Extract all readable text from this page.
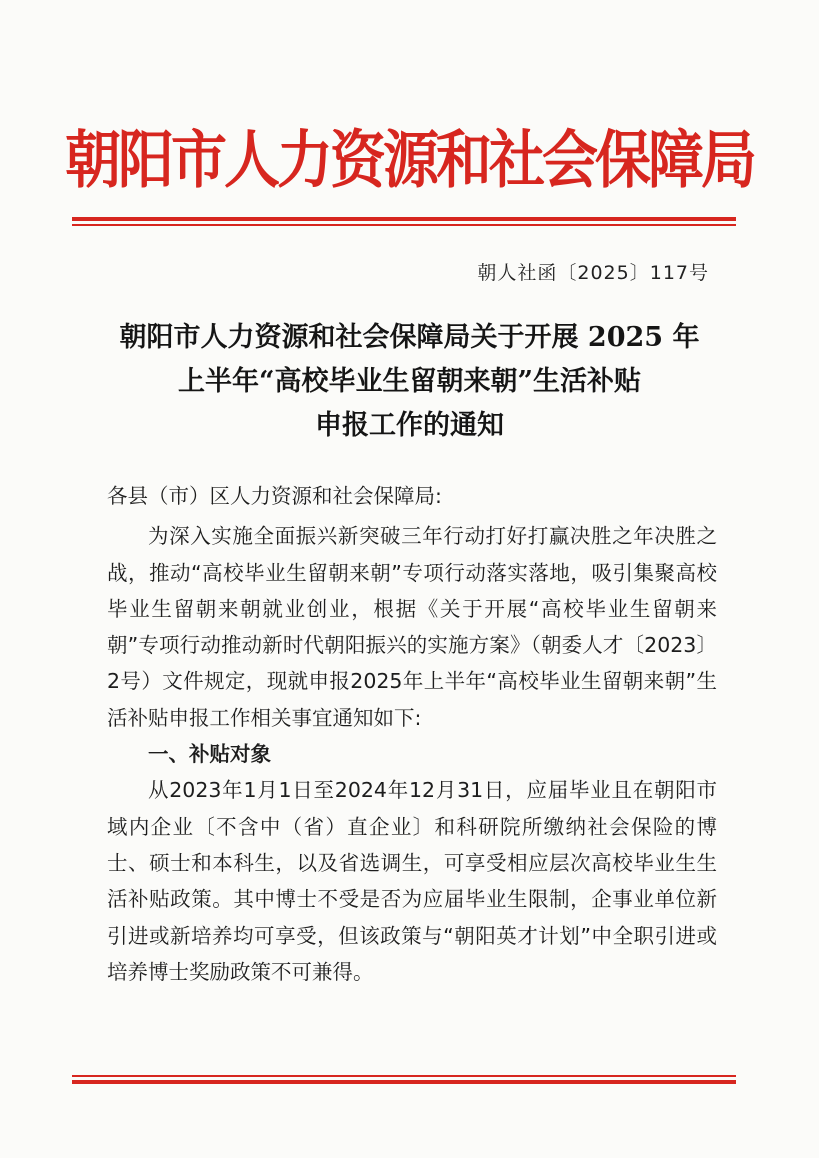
朝阳市人力资源和社会保障局
朝人社函〔2025〕117号
朝阳市人力资源和社会保障局关于开展 2025 年
上半年“高校毕业生留朝来朝”生活补贴
申报工作的通知

各县（市）区人力资源和社会保障局:

为深入实施全面振兴新突破三年行动打好打赢决胜之年决胜之战，推动“高校毕业生留朝来朝”专项行动落实落地，吸引集聚高校毕业生留朝来朝就业创业，根据《关于开展“高校毕业生留朝来朝”专项行动推动新时代朝阳振兴的实施方案》（朝委人才〔2023〕2号）文件规定，现就申报2025年上半年“高校毕业生留朝来朝”生活补贴申报工作相关事宜通知如下:

一、补贴对象

从2023年1月1日至2024年12月31日，应届毕业且在朝阳市域内企业〔不含中（省）直企业〕和科研院所缴纳社会保险的博士、硕士和本科生，以及省选调生，可享受相应层次高校毕业生生活补贴政策。其中博士不受是否为应届毕业生限制，企事业单位新引进或新培养均可享受，但该政策与“朝阳英才计划”中全职引进或培养博士奖励政策不可兼得。
